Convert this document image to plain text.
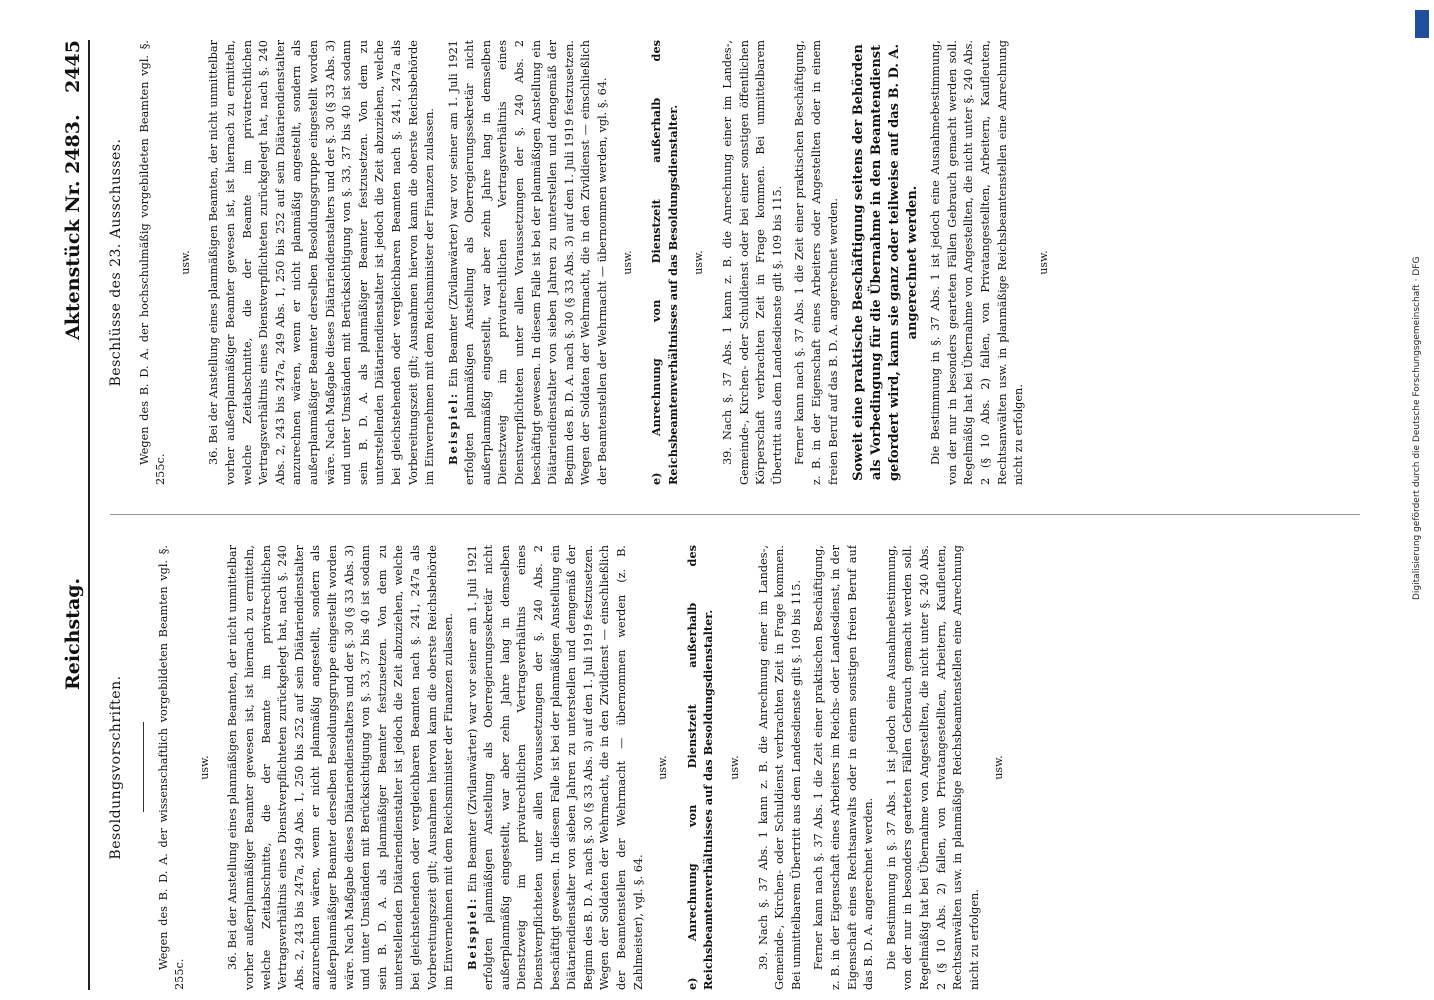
Reichstag.
Aktenstück Nr. 2483.
2445
Besoldungsvorschriften.	Wegen des B. D. A. der wissenschaftlich vorgebildeten Beamten vgl. §. 255c.

usw. 36. Bei der Anstellung eines planmäßigen Beamten, der nicht unmittelbar vorher außerplanmäßiger Beamter gewesen ist, ist hiernach zu ermitteln, welche Zeitabschnitte, die der Beamte im privatrechtlichen Vertragsverhältnis eines Dienstverpflichteten zurückgelegt hat, nach §. 240 Abs. 2, 243 bis 247a, 249 Abs. 1, 250 bis 252 auf sein Diätariendienstalter anzurechnen wären, wenn er nicht planmäßig angestellt, sondern als außerplanmäßiger Beamter derselben Besoldungsgruppe eingestellt worden wäre. Nach Maßgabe dieses Diätariendienstalters und der §. 30 (§ 33 Abs. 3) und unter Umständen mit Berücksichtigung von §. 33, 37 bis 40 ist sodann sein B. D. A. als planmäßiger Beamter festzusetzen. Von dem zu unterstellenden Diätariendienstalter ist jedoch die Zeit abzuziehen, welche bei gleichstehenden oder vergleichbaren Beamten nach §. 241, 247a als Vorbereitungszeit gilt; Ausnahmen hiervon kann die oberste Reichsbehörde im Einvernehmen mit dem Reichsminister der Finanzen zulassen. Beispiel: Ein Beamter (Zivilanwärter) war vor seiner am 1. Juli 1921 erfolgten planmäßigen Anstellung als Oberregierungssekretär nicht außerplanmäßig eingestellt, war aber zehn Jahre lang in demselben Dienstzweig im privatrechtlichen Vertragsverhältnis eines Dienstverpflichteten unter allen Voraussetzungen der §. 240 Abs. 2 beschäftigt gewesen. In diesem Falle ist bei der planmäßigen Anstellung ein Diätariendienstalter von sieben Jahren zu unterstellen und demgemäß der Beginn des B. D. A. nach §. 30 (§ 33 Abs. 3) auf den 1. Juli 1919 festzusetzen. Wegen der Soldaten der Wehrmacht, die in den Zivildienst — einschließlich der Beamtenstellen der Wehrmacht — übernommen werden (z. B. Zahlmeister), vgl. §. 64.

usw. e) Anrechnung von Dienstzeit außerhalb des Reichsbeamtenverhältnisses auf das Besoldungsdienstalter. usw. 39. Nach §. 37 Abs. 1 kann z. B. die Anrechnung einer im Landes-, Gemeinde-, Kirchen- oder Schuldienst verbrachten Zeit in Frage kommen. Bei unmittelbarem Übertritt aus dem Landesdienste gilt §. 109 bis 115. Ferner kann nach §. 37 Abs. 1 die Zeit einer praktischen Beschäftigung, z. B. in der Eigenschaft eines Arbeiters im Reichs- oder Landesdienst, in der Eigenschaft eines Rechtsanwalts oder in einem sonstigen freien Beruf auf das B. D. A. angerechnet werden. Die Bestimmung in §. 37 Abs. 1 ist jedoch eine Ausnahmebestimmung, von der nur in besonders gearteten Fällen Gebrauch gemacht werden soll. Regelmäßig hat bei Übernahme von Angestellten, die nicht unter §. 240 Abs. 2 (§ 10 Abs. 2) fallen, von Privatangestellten, Arbeitern, Kaufleuten, Rechtsanwälten usw. in planmäßige Reichsbeamtenstellen eine Anrechnung nicht zu erfolgen.

usw.
Beschlüsse des 23. Ausschusses. Wegen des B. D. A. der hochschulmäßig vorgebildeten Beamten vgl. §. 255c.

usw. 36. Bei der Anstellung eines planmäßigen Beamten, der nicht unmittelbar vorher außerplanmäßiger Beamter gewesen ist, ist hiernach zu ermitteln, welche Zeitabschnitte, die der Beamte im privatrechtlichen Vertragsverhältnis eines Dienstverpflichteten zurückgelegt hat, nach §. 240 Abs. 2, 243 bis 247a, 249 Abs. 1, 250 bis 252 auf sein Diätariendienstalter anzurechnen wären, wenn er nicht planmäßig angestellt, sondern als außerplanmäßiger Beamter derselben Besoldungsgruppe eingestellt worden wäre. Nach Maßgabe dieses Diätariendienstalters und der §. 30 (§ 33 Abs. 3) und unter Umständen mit Berücksichtigung von §. 33, 37 bis 40 ist sodann sein B. D. A. als planmäßiger Beamter festzusetzen. Von dem zu unterstellenden Diätariendienstalter ist jedoch die Zeit abzuziehen, welche bei gleichstehenden oder vergleichbaren Beamten nach §. 241, 247a als Vorbereitungszeit gilt; Ausnahmen hiervon kann die oberste Reichsbehörde im Einvernehmen mit dem Reichsminister der Finanzen zulassen. Beispiel: Ein Beamter (Zivilanwärter) war vor seiner am 1. Juli 1921 erfolgten planmäßigen Anstellung als Oberregierungssekretär nicht außerplanmäßig eingestellt, war aber zehn Jahre lang in demselben Dienstzweig im privatrechtlichen Vertragsverhältnis eines Dienstverpflichteten unter allen Voraussetzungen der §. 240 Abs. 2 beschäftigt gewesen. In diesem Falle ist bei der planmäßigen Anstellung ein Diätariendienstalter von sieben Jahren zu unterstellen und demgemäß der Beginn des B. D. A. nach §. 30 (§ 33 Abs. 3) auf den 1. Juli 1919 festzusetzen. Wegen der Soldaten der Wehrmacht, die in den Zivildienst — einschließlich der Beamtenstellen der Wehrmacht — übernommen werden, vgl. §. 64. usw. e) Anrechnung von Dienstzeit außerhalb des Reichsbeamtenverhältnisses auf das Besoldungsdienstalter. usw. 39. Nach §. 37 Abs. 1 kann z. B. die Anrechnung einer im Landes-, Gemeinde-, Kirchen- oder Schuldienst oder bei einer sonstigen öffentlichen Körperschaft verbrachten Zeit in Frage kommen. Bei unmittelbarem Übertritt aus dem Landesdienste gilt §. 109 bis 115. Ferner kann nach §. 37 Abs. 1 die Zeit einer praktischen Beschäftigung, z. B. in der Eigenschaft eines Arbeiters oder Angestellten oder in einem freien Beruf auf das B. D. A. angerechnet werden. Soweit eine praktische Beschäftigung seitens der Behörden als Vorbedingung für die Übernahme in den Beamtendienst gefordert wird, kann sie ganz oder teilweise auf das B. D. A. angerechnet werden. Die Bestimmung in §. 37 Abs. 1 ist jedoch eine Ausnahmebestimmung, von der nur in besonders gearteten Fällen Gebrauch gemacht werden soll. Regelmäßig hat bei Übernahme von Angestellten, die nicht unter §. 240 Abs. 2 (§ 10 Abs. 2) fallen, von Privatangestellten, Arbeitern, Kaufleuten, Rechtsanwälten usw. in planmäßige Reichsbeamtenstellen eine Anrechnung nicht zu erfolgen.

usw.	Digitalisierung gefördert durch die Deutsche Forschungsgemeinschaft · DFG
